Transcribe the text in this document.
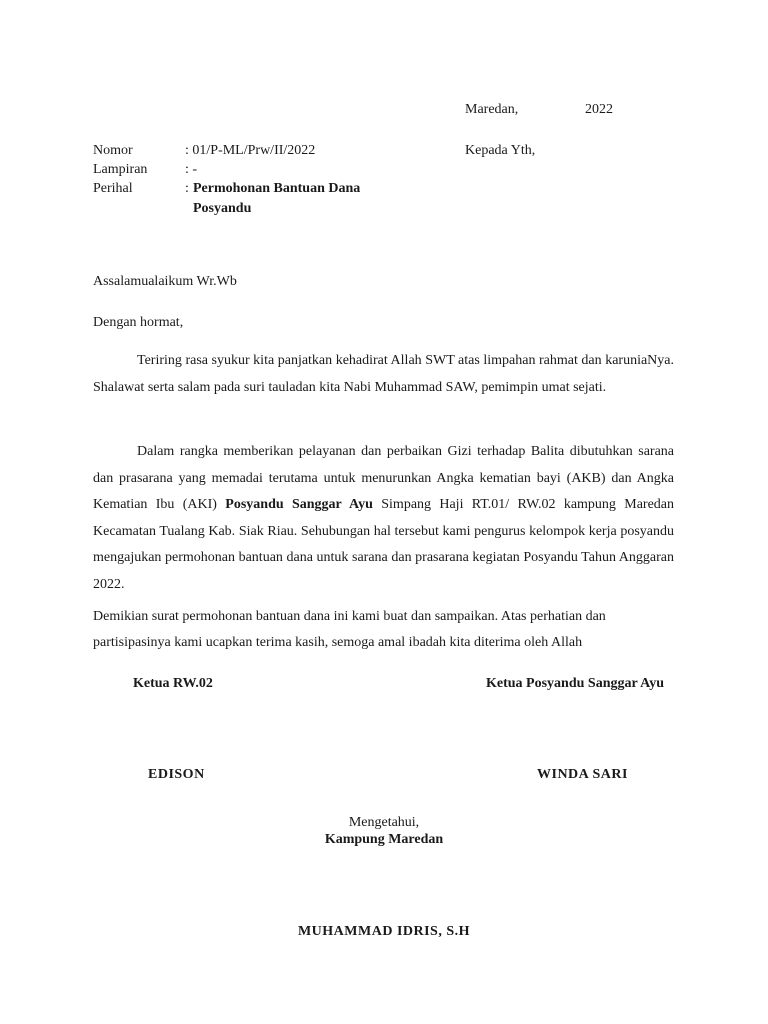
Maredan,	2022
Nomor	: 01/P-ML/Prw/II/2022	Kepada Yth,
Lampiran	: -
Perihal	: Permohonan Bantuan Dana
Posyandu
Assalamualaikum Wr.Wb
Dengan hormat,

Teriring rasa syukur kita panjatkan kehadirat Allah SWT atas limpahan rahmat dan karuniaNya. Shalawat serta salam pada suri tauladan kita Nabi Muhammad SAW, pemimpin umat sejati.

Dalam rangka memberikan pelayanan dan perbaikan Gizi terhadap Balita dibutuhkan sarana dan prasarana yang memadai terutama untuk menurunkan Angka kematian bayi (AKB) dan Angka Kematian Ibu (AKI) Posyandu Sanggar Ayu Simpang Haji RT.01/ RW.02 kampung Maredan Kecamatan Tualang Kab. Siak Riau. Sehubungan hal tersebut kami pengurus kelompok kerja posyandu mengajukan permohonan bantuan dana untuk sarana dan prasarana kegiatan Posyandu Tahun Anggaran 2022.

Demikian surat permohonan bantuan dana ini kami buat dan sampaikan. Atas perhatian dan partisipasinya kami ucapkan terima kasih, semoga amal ibadah kita diterima oleh Allah

Ketua RW.02	Ketua Posyandu Sanggar Ayu
EDISON	WINDA SARI
Mengetahui,
Kampung Maredan
MUHAMMAD IDRIS, S.H
